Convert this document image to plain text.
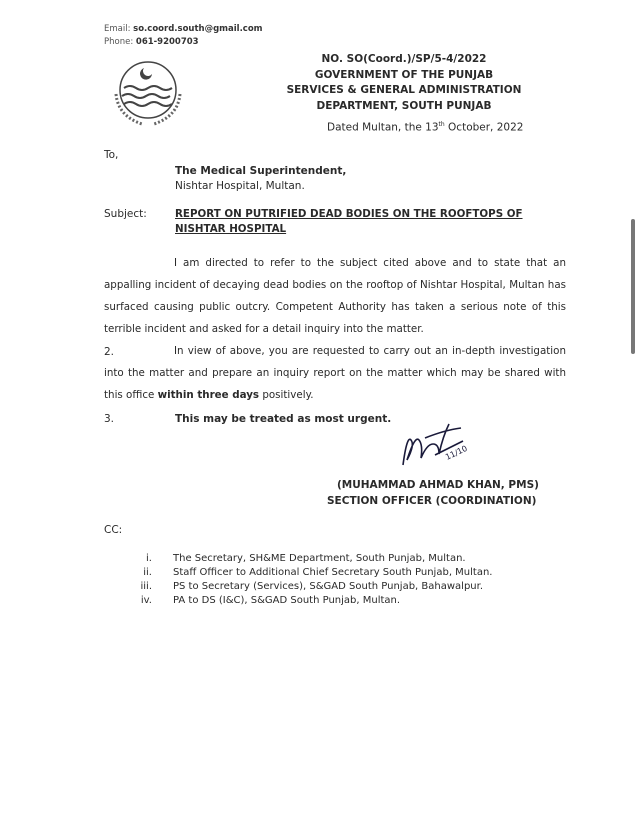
Email: so.coord.south@gmail.com
Phone: 061-9200703
NO. SO(Coord.)/SP/5-4/2022
GOVERNMENT OF THE PUNJAB
SERVICES & GENERAL ADMINISTRATION
DEPARTMENT, SOUTH PUNJAB
Dated Multan, the 13th October, 2022
To,
The Medical Superintendent,
Nishtar Hospital, Multan.
Subject:	REPORT ON PUTRIFIED DEAD BODIES ON THE ROOFTOPS OF
NISHTAR HOSPITAL
I am directed to refer to the subject cited above and to state that an appalling incident of decaying dead bodies on the rooftop of Nishtar Hospital, Multan has surfaced causing public outcry. Competent Authority has taken a serious note of this terrible incident and asked for a detail inquiry into the matter.
2.	In view of above, you are requested to carry out an in-depth investigation into the matter and prepare an inquiry report on the matter which may be shared with this office within three days positively.
3.	This may be treated as most urgent.
11/10
(MUHAMMAD AHMAD KHAN, PMS)
SECTION OFFICER (COORDINATION)
CC:
i. The Secretary, SH&ME Department, South Punjab, Multan.
ii. Staff Officer to Additional Chief Secretary South Punjab, Multan.
iii. PS to Secretary (Services), S&GAD South Punjab, Bahawalpur.
iv. PA to DS (I&C), S&GAD South Punjab, Multan.
